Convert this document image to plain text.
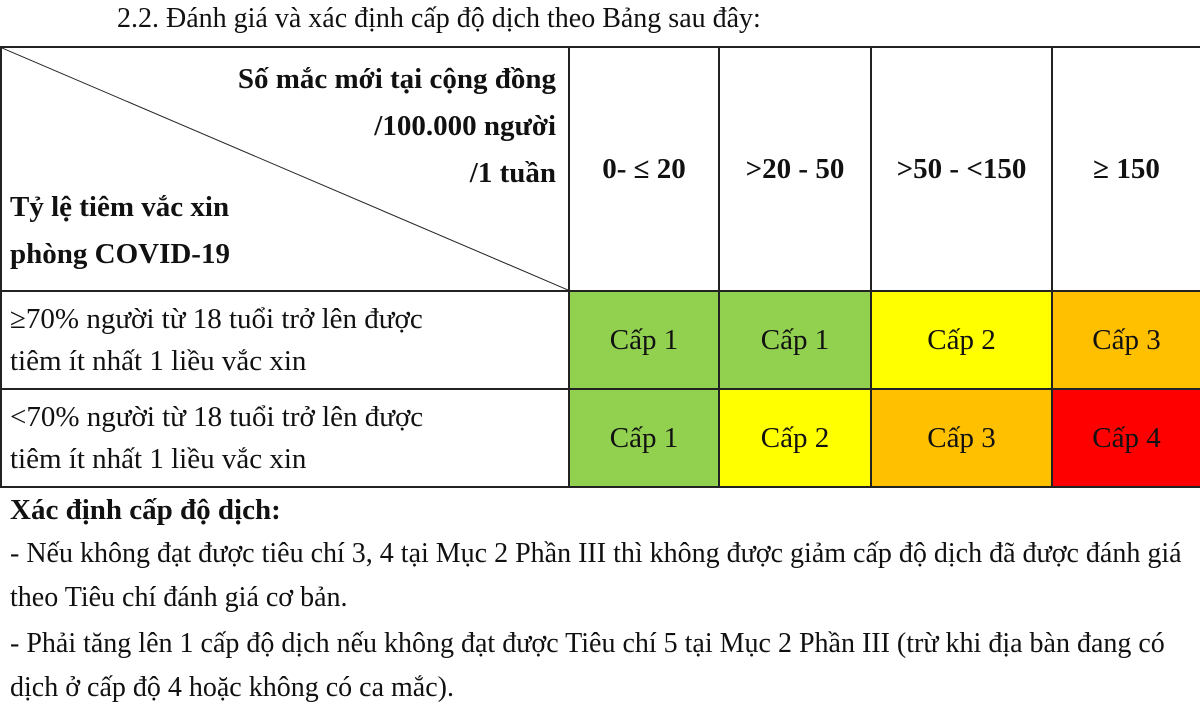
2.2. Đánh giá và xác định cấp độ dịch theo Bảng sau đây:
Số mắc mới tại cộng đồng
/100.000 người
/1 tuần
Tỷ lệ tiêm vắc xin
phòng COVID-19	0- ≤ 20	>20 - 50	>50 - <150	≥ 150

≥70% người từ 18 tuổi trở lên được
tiêm ít nhất 1 liều vắc xin	Cấp 1	Cấp 1	Cấp 2	Cấp 3

<70% người từ 18 tuổi trở lên được
tiêm ít nhất 1 liều vắc xin	Cấp 1	Cấp 2	Cấp 3	Cấp 4
Xác định cấp độ dịch:
- Nếu không đạt được tiêu chí 3, 4 tại Mục 2 Phần III thì không được giảm cấp độ dịch đã được đánh giá theo Tiêu chí đánh giá cơ bản.
- Phải tăng lên 1 cấp độ dịch nếu không đạt được Tiêu chí 5 tại Mục 2 Phần III (trừ khi địa bàn đang có dịch ở cấp độ 4 hoặc không có ca mắc).
